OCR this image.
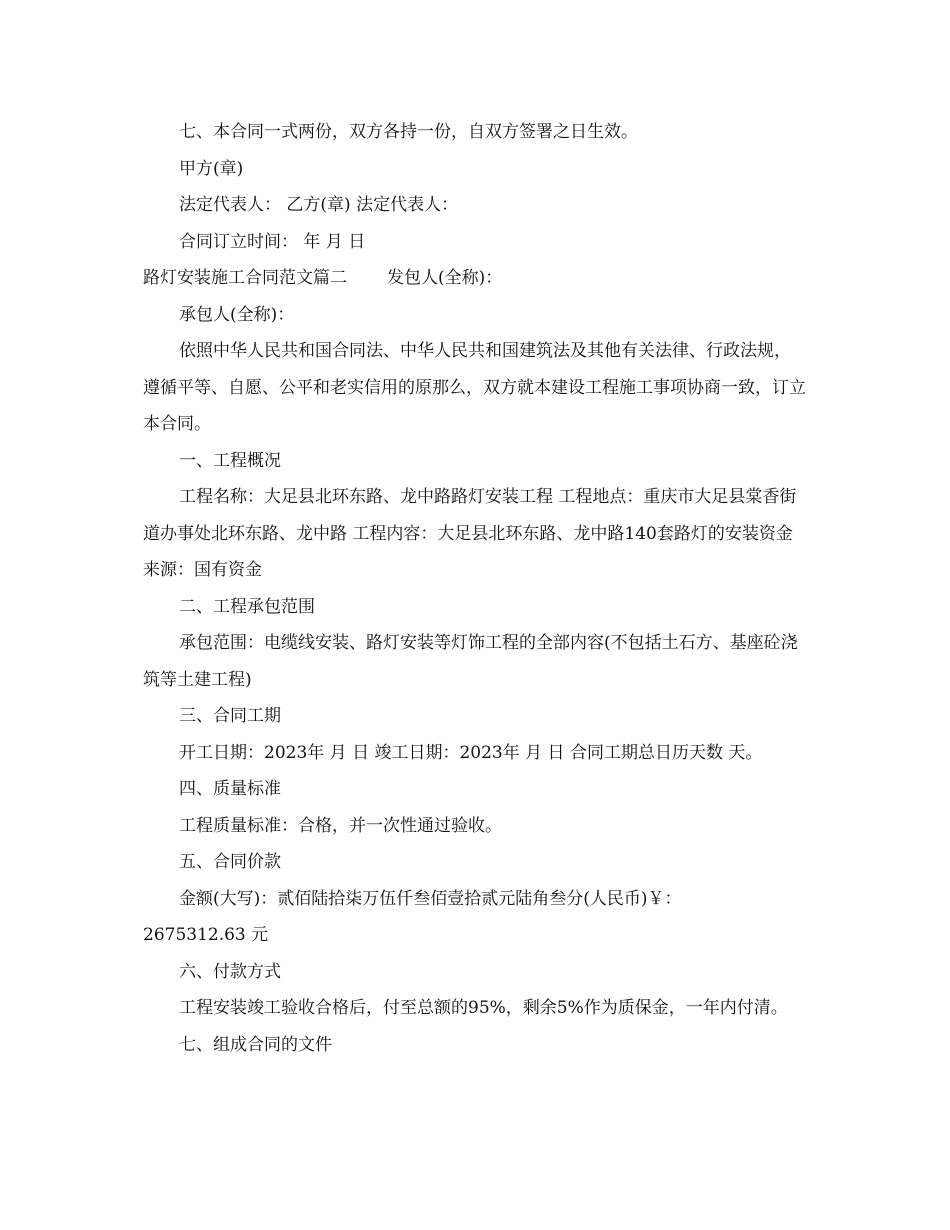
七、本合同一式两份，双方各持一份，自双方签署之日生效。

甲方(章)

法定代表人： 乙方(章) 法定代表人：

合同订立时间： 年 月 日

路灯安装施工合同范文篇二 发包人(全称)：

承包人(全称)：

依照中华人民共和国合同法、中华人民共和国建筑法及其他有关法律、行政法规，遵循平等、自愿、公平和老实信用的原那么，双方就本建设工程施工事项协商一致，订立本合同。

一、工程概况

工程名称：大足县北环东路、龙中路路灯安装工程 工程地点：重庆市大足县棠香街道办事处北环东路、龙中路 工程内容：大足县北环东路、龙中路140套路灯的安装资金来源：国有资金

二、工程承包范围

承包范围：电缆线安装、路灯安装等灯饰工程的全部内容(不包括土石方、基座砼浇筑等土建工程)

三、合同工期

开工日期：2023年 月 日 竣工日期：2023年 月 日 合同工期总日历天数 天。

四、质量标准

工程质量标准：合格，并一次性通过验收。

五、合同价款

金额(大写)：贰佰陆拾柒万伍仟叁佰壹拾贰元陆角叁分(人民币)￥：

2675312.63 元

六、付款方式

工程安装竣工验收合格后，付至总额的95%，剩余5%作为质保金，一年内付清。

七、组成合同的文件
